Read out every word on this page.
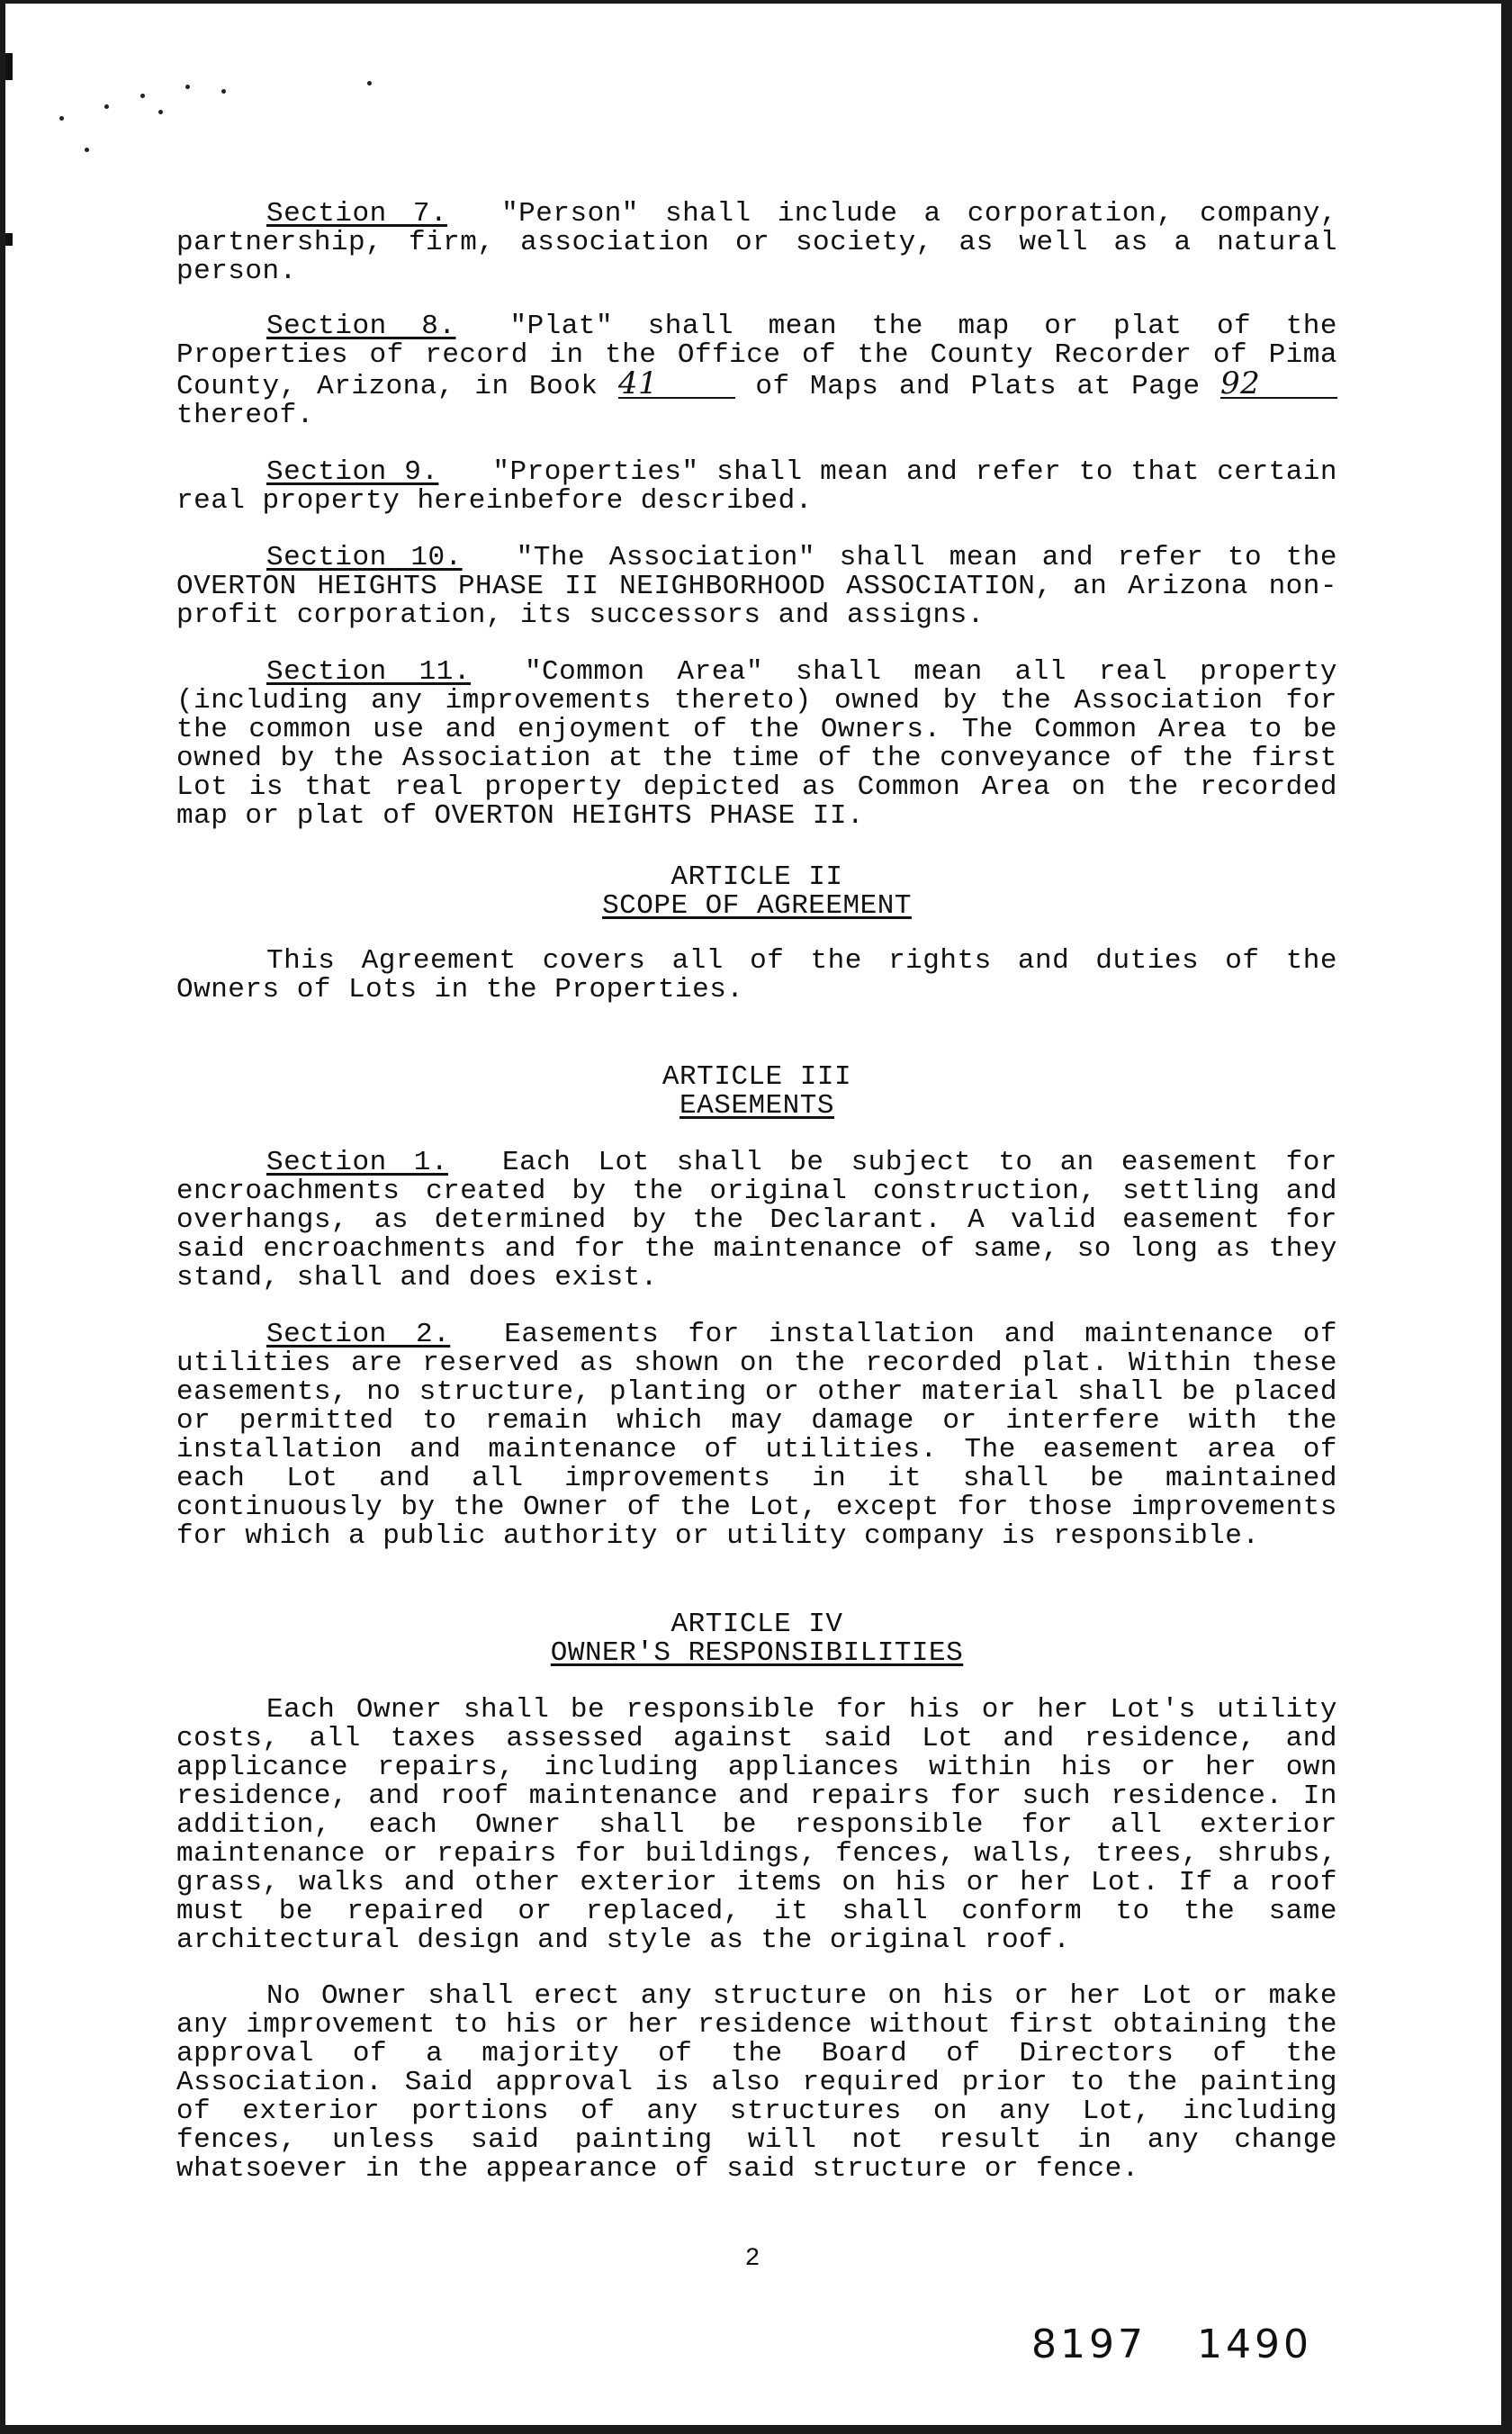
Section 7. "Person" shall include a corporation, company, partnership, firm, association or society, as well as a natural person.
Section 8. "Plat" shall mean the map or plat of the Properties of record in the Office of the County Recorder of Pima County, Arizona, in Book 41	of Maps and Plats at Page 92 thereof.
Section 9. "Properties" shall mean and refer to that certain real property hereinbefore described.
Section 10. "The Association" shall mean and refer to the OVERTON HEIGHTS PHASE II NEIGHBORHOOD ASSOCIATION, an Arizona non-profit corporation, its successors and assigns.
Section 11. "Common Area" shall mean all real property (including any improvements thereto) owned by the Association for the common use and enjoyment of the Owners. The Common Area to be owned by the Association at the time of the conveyance of the first Lot is that real property depicted as Common Area on the recorded map or plat of OVERTON HEIGHTS PHASE II.
ARTICLE II
SCOPE OF AGREEMENT
This Agreement covers all of the rights and duties of the Owners of Lots in the Properties.
ARTICLE III
EASEMENTS
Section 1. Each Lot shall be subject to an easement for encroachments created by the original construction, settling and overhangs, as determined by the Declarant. A valid easement for said encroachments and for the maintenance of same, so long as they stand, shall and does exist.
Section 2. Easements for installation and maintenance of utilities are reserved as shown on the recorded plat. Within these easements, no structure, planting or other material shall be placed or permitted to remain which may damage or interfere with the installation and maintenance of utilities. The easement area of each Lot and all improvements in it shall be maintained continuously by the Owner of the Lot, except for those improvements for which a public authority or utility company is responsible.
ARTICLE IV
OWNER'S RESPONSIBILITIES
Each Owner shall be responsible for his or her Lot's utility costs, all taxes assessed against said Lot and residence, and applicance repairs, including appliances within his or her own residence, and roof maintenance and repairs for such residence. In addition, each Owner shall be responsible for all exterior maintenance or repairs for buildings, fences, walls, trees, shrubs, grass, walks and other exterior items on his or her Lot. If a roof must be repaired or replaced, it shall conform to the same architectural design and style as the original roof.
No Owner shall erect any structure on his or her Lot or make any improvement to his or her residence without first obtaining the approval of a majority of the Board of Directors of the Association. Said approval is also required prior to the painting of exterior portions of any structures on any Lot, including fences, unless said painting will not result in any change whatsoever in the appearance of said structure or fence.
2
8197 1490
